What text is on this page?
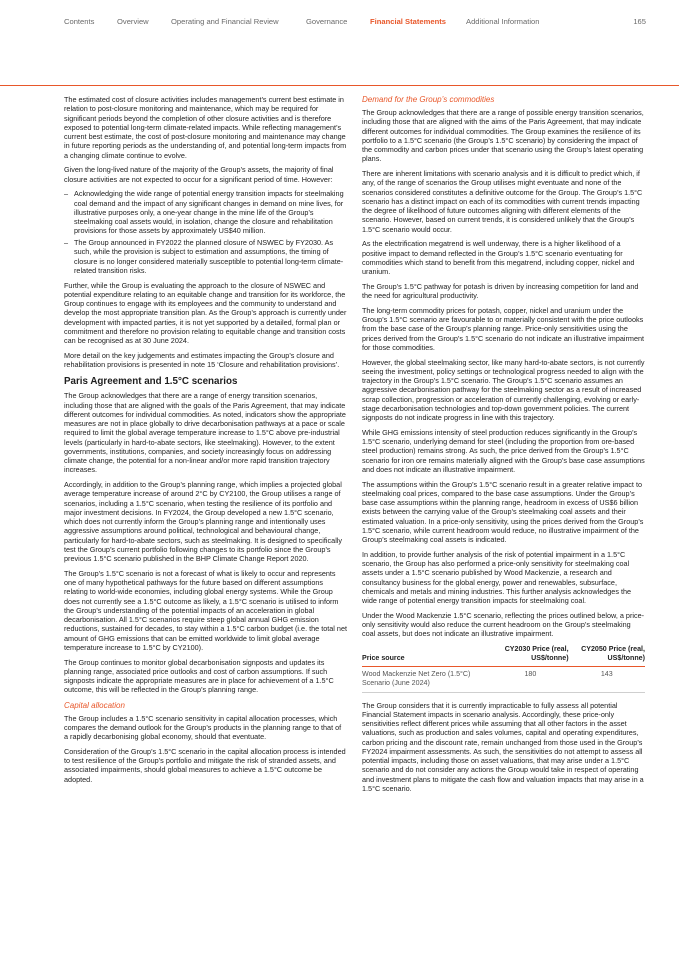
Contents	Overview	Operating and Financial Review	Governance	Financial Statements	Additional Information	165

The estimated cost of closure activities includes management’s current best estimate in relation to post-closure monitoring and maintenance, which may be required for significant periods beyond the completion of other closure activities and is therefore exposed to potential long-term climate-related impacts. While reflecting management’s current best estimate, the cost of post-closure monitoring and maintenance may change in future reporting periods as the understanding of, and potential long-term impacts from a changing climate continue to evolve.

Given the long-lived nature of the majority of the Group’s assets, the majority of final closure activities are not expected to occur for a significant period of time. However:

– Acknowledging the wide range of potential energy transition impacts for steelmaking coal demand and the impact of any significant changes in demand on mine lives, for illustrative purposes only, a one-year change in the mine life of the Group’s steelmaking coal assets would, in isolation, change the closure and rehabilitation provisions for those assets by approximately US$40 million.
– The Group announced in FY2022 the planned closure of NSWEC by FY2030. As such, while the provision is subject to estimation and assumptions, the timing of closure is no longer considered materially susceptible to potential long-term climate-related transition risks.

Further, while the Group is evaluating the approach to the closure of NSWEC and potential expenditure relating to an equitable change and transition for its workforce, the Group continues to engage with its employees and the community to understand and develop the most appropriate transition plan. As the Group’s approach is currently under development with impacted parties, it is not yet supported by a detailed, formal plan or commitment and therefore no provision relating to equitable change and transition costs can be recognised as at 30 June 2024.

More detail on the key judgements and estimates impacting the Group’s closure and rehabilitation provisions is presented in note 15 ‘Closure and rehabilitation provisions’.

Paris Agreement and 1.5°C scenarios

The Group acknowledges that there are a range of energy transition scenarios, including those that are aligned with the goals of the Paris Agreement, that may indicate different outcomes for individual commodities. As noted, indicators show the appropriate measures are not in place globally to drive decarbonisation pathways at a pace or scale required to limit the global average temperature increase to 1.5°C above pre-industrial levels (particularly in hard-to-abate sectors, like steelmaking). However, to the extent governments, institutions, companies, and society increasingly focus on addressing climate change, the potential for a non-linear and/or more rapid transition trajectory increases.

Accordingly, in addition to the Group’s planning range, which implies a projected global average temperature increase of around 2°C by CY2100, the Group utilises a range of scenarios, including a 1.5°C scenario, when testing the resilience of its portfolio and major investment decisions. In FY2024, the Group developed a new 1.5°C scenario, which does not currently inform the Group’s planning range and intentionally uses aggressive assumptions around political, technological and behavioural change, particularly for hard-to-abate sectors, such as steelmaking. It is designed to specifically test the Group’s current portfolio following changes to its portfolio since the Group’s previous 1.5°C scenario published in the BHP Climate Change Report 2020.

The Group’s 1.5°C scenario is not a forecast of what is likely to occur and represents one of many hypothetical pathways for the future based on different assumptions relating to world-wide economies, including global energy systems. While the Group does not currently see a 1.5°C outcome as likely, a 1.5°C scenario is utilised to inform the Group’s understanding of the potential impacts of an acceleration in global decarbonisation. All 1.5°C scenarios require steep global annual GHG emission reductions, sustained for decades, to stay within a 1.5°C carbon budget (i.e. the total net amount of GHG emissions that can be emitted worldwide to limit global average temperature increase to 1.5°C by CY2100).

The Group continues to monitor global decarbonisation signposts and updates its planning range, associated price outlooks and cost of carbon assumptions. If such signposts indicate the appropriate measures are in place for achievement of a 1.5°C outcome, this will be reflected in the Group’s planning range.

Capital allocation

The Group includes a 1.5°C scenario sensitivity in capital allocation processes, which compares the demand outlook for the Group’s products in the planning range to that of a rapidly decarbonising global economy, should that eventuate.

Consideration of the Group’s 1.5°C scenario in the capital allocation process is intended to test resilience of the Group’s portfolio and mitigate the risk of stranded assets, and associated impairments, should global measures to achieve a 1.5°C outcome be adopted.

Demand for the Group’s commodities

The Group acknowledges that there are a range of possible energy transition scenarios, including those that are aligned with the aims of the Paris Agreement, that may indicate different outcomes for individual commodities. The Group examines the resilience of its portfolio to a 1.5°C scenario (the Group’s 1.5°C scenario) by considering the impact of the commodity and carbon prices under that scenario using the Group’s latest operating plans.

There are inherent limitations with scenario analysis and it is difficult to predict which, if any, of the range of scenarios the Group utilises might eventuate and none of the scenarios considered constitutes a definitive outcome for the Group. The Group’s 1.5°C scenario has a distinct impact on each of its commodities with current trends impacting the degree of likelihood of future outcomes aligning with different elements of the scenario. However, based on current trends, it is considered unlikely that the Group’s 1.5°C scenario would occur.

As the electrification megatrend is well underway, there is a higher likelihood of a positive impact to demand reflected in the Group’s 1.5°C scenario eventuating for commodities which stand to benefit from this megatrend, including copper, nickel and uranium.

The Group’s 1.5°C pathway for potash is driven by increasing competition for land and the need for agricultural productivity.

The long-term commodity prices for potash, copper, nickel and uranium under the Group’s 1.5°C scenario are favourable to or materially consistent with the price outlooks from the base case of the Group’s planning range. Price-only sensitivities using the prices derived from the Group’s 1.5°C scenario do not indicate an illustrative impairment for those commodities.

However, the global steelmaking sector, like many hard-to-abate sectors, is not currently seeing the investment, policy settings or technological progress needed to align with the trajectory in the Group’s 1.5°C scenario. The Group’s 1.5°C scenario assumes an aggressive decarbonisation pathway for the steelmaking sector as a result of increased scrap collection, progression or acceleration of currently challenging, evolving or early-stage decarbonisation technologies and top-down government policies. The current signposts do not indicate progress in line with this trajectory.

While GHG emissions intensity of steel production reduces significantly in the Group’s 1.5°C scenario, underlying demand for steel (including the proportion from ore-based steel production) remains strong. As such, the price derived from the Group’s 1.5°C scenario for iron ore remains materially aligned with the Group’s base case assumptions and does not indicate an illustrative impairment.

The assumptions within the Group’s 1.5°C scenario result in a greater relative impact to steelmaking coal prices, compared to the base case assumptions. Under the Group’s base case assumptions within the planning range, headroom in excess of US$6 billion exists between the carrying value of the Group’s steelmaking coal assets and their estimated valuation. In a price-only sensitivity, using the prices derived from the Group’s 1.5°C scenario, while current headroom would reduce, no illustrative impairment of the Group’s steelmaking coal assets is indicated.

In addition, to provide further analysis of the risk of potential impairment in a 1.5°C scenario, the Group has also performed a price-only sensitivity for steelmaking coal assets under a 1.5°C scenario published by Wood Mackenzie, a research and consultancy business for the global energy, power and renewables, subsurface, chemicals and metals and mining industries. This further analysis acknowledges the wide range of potential energy transition impacts for steelmaking coal.

Under the Wood Mackenzie 1.5°C scenario, reflecting the prices outlined below, a price-only sensitivity would also reduce the current headroom on the Group’s steelmaking coal assets, but does not indicate an illustrative impairment.

Price source	CY2030 Price (real, US$/tonne)	CY2050 Price (real, US$/tonne)
Wood Mackenzie Net Zero (1.5°C) Scenario (June 2024)	180	143

The Group considers that it is currently impracticable to fully assess all potential Financial Statement impacts in scenario analysis. Accordingly, these price-only sensitivities reflect different prices while assuming that all other factors in the asset valuations, such as production and sales volumes, capital and operating expenditures, carbon pricing and the discount rate, remain unchanged from those used in the Group’s FY2024 impairment assessments. As such, the sensitivities do not attempt to assess all potential impacts, including those on asset valuations, that may arise under a 1.5°C scenario and do not consider any actions the Group would take in respect of operating and investment plans to mitigate the cash flow and valuation impacts that may arise in a 1.5°C scenario.
